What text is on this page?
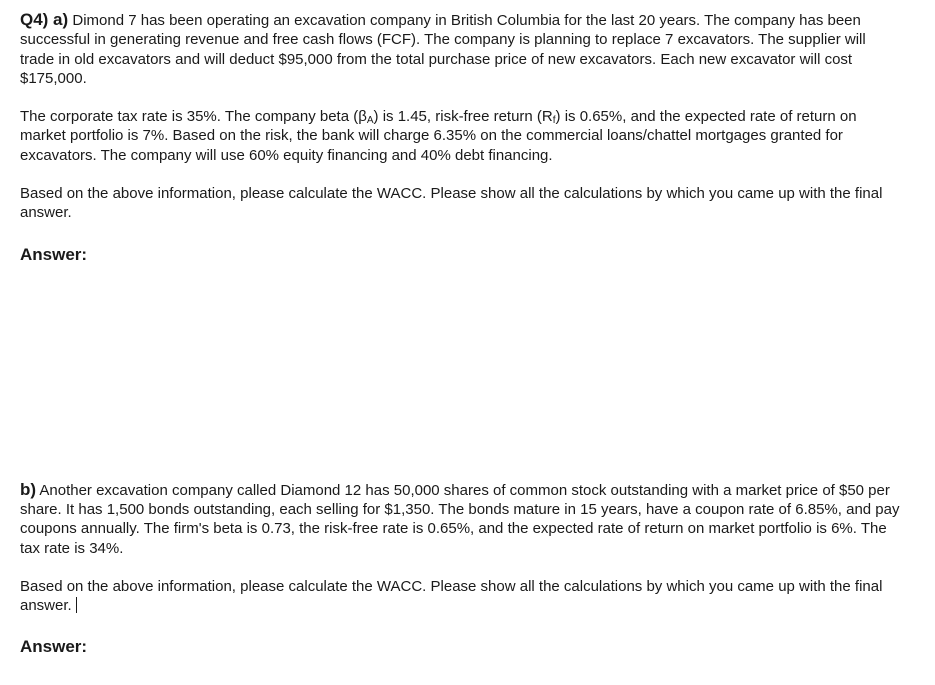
Q4) a) Dimond 7 has been operating an excavation company in British Columbia for the last 20 years. The company has been successful in generating revenue and free cash flows (FCF). The company is planning to replace 7 excavators. The supplier will trade in old excavators and will deduct $95,000 from the total purchase price of new excavators. Each new excavator will cost $175,000.

The corporate tax rate is 35%. The company beta $(\beta_A)$ is 1.45, risk-free return $(R_f)$ is 0.65%, and the expected rate of return on market portfolio is 7%. Based on the risk, the bank will charge 6.35% on the commercial loans/chattel mortgages granted for excavators. The company will use 60% equity financing and 40% debt financing.

Based on the above information, please calculate the WACC. Please show all the calculations by which you came up with the final answer.

Answer:

b) Another excavation company called Diamond 12 has 50,000 shares of common stock outstanding with a market price of $50 per share. It has 1,500 bonds outstanding, each selling for $1,350. The bonds mature in 15 years, have a coupon rate of 6.85%, and pay coupons annually. The firm's beta is 0.73, the risk-free rate is 0.65%, and the expected rate of return on market portfolio is 6%. The tax rate is 34%.

Based on the above information, please calculate the WACC. Please show all the calculations by which you came up with the final answer.

Answer:
